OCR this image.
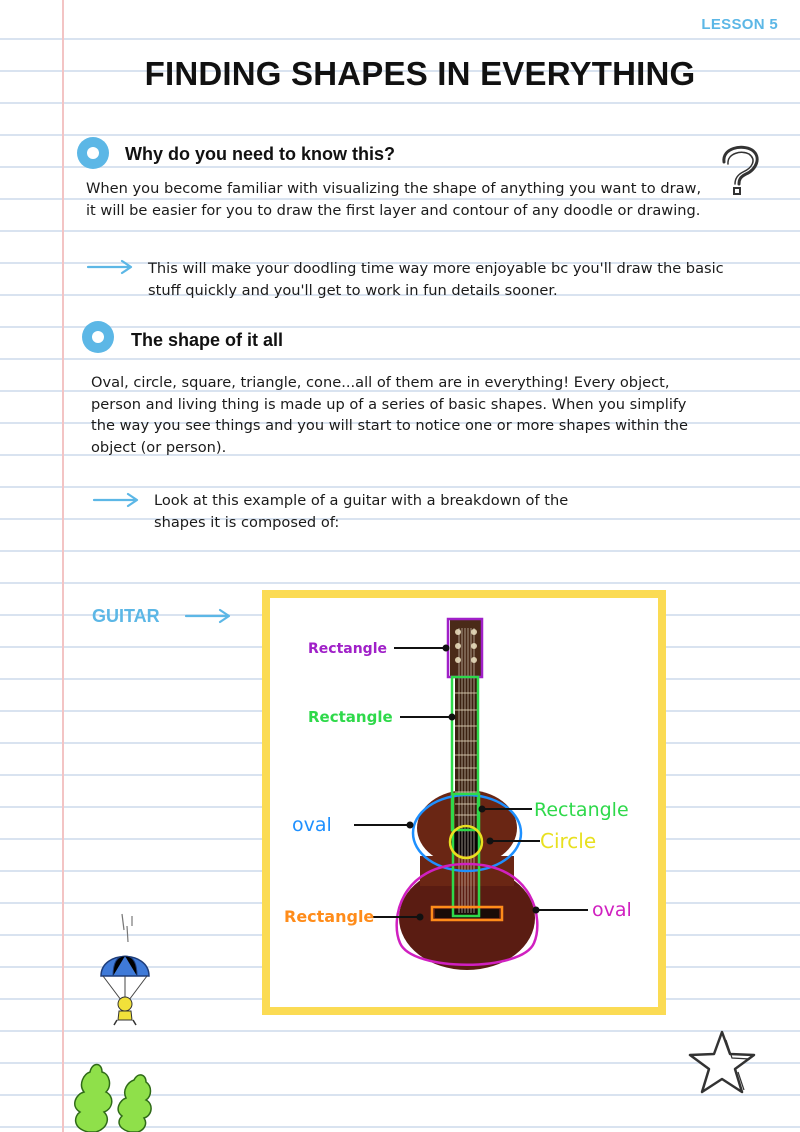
LESSON 5
FINDING SHAPES IN EVERYTHING
Why do you need to know this?
When you become familiar with visualizing the shape of anything you want to draw, it will be easier for you to draw the first layer and contour of any doodle or drawing.
This will make your doodling time way more enjoyable bc you'll draw the basic stuff quickly and you'll get to work in fun details sooner.
The shape of it all
Oval, circle, square, triangle, cone...all of them are in everything! Every object, person and living thing is made up of a series of basic shapes. When you simplify the way you see things and you will start to notice one or more shapes within the object (or person).
Look at this example of a guitar with a breakdown of the shapes it is composed of:
GUITAR
Rectangle
Rectangle
oval
Rectangle
Circle
Rectangle	oval
